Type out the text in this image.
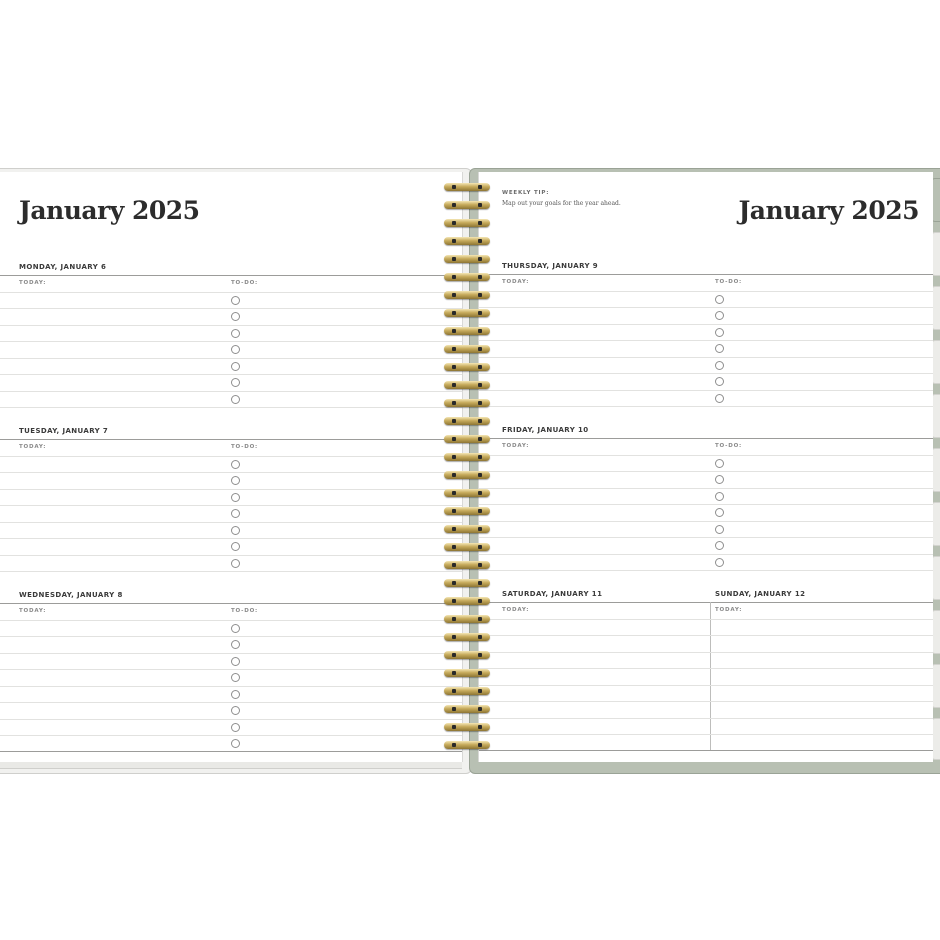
January 2025
MONDAY, JANUARY 6
TODAY:	TO-DO:
TUESDAY, JANUARY 7
TODAY:	TO-DO:
WEDNESDAY, JANUARY 8
TODAY:	TO-DO:
WEEKLY TIP:
Map out your goals for the year ahead.	January 2025
THURSDAY, JANUARY 9
TODAY:	TO-DO:
FRIDAY, JANUARY 10
TODAY:	TO-DO:
SATURDAY, JANUARY 11	SUNDAY, JANUARY 12
TODAY:	TODAY:
